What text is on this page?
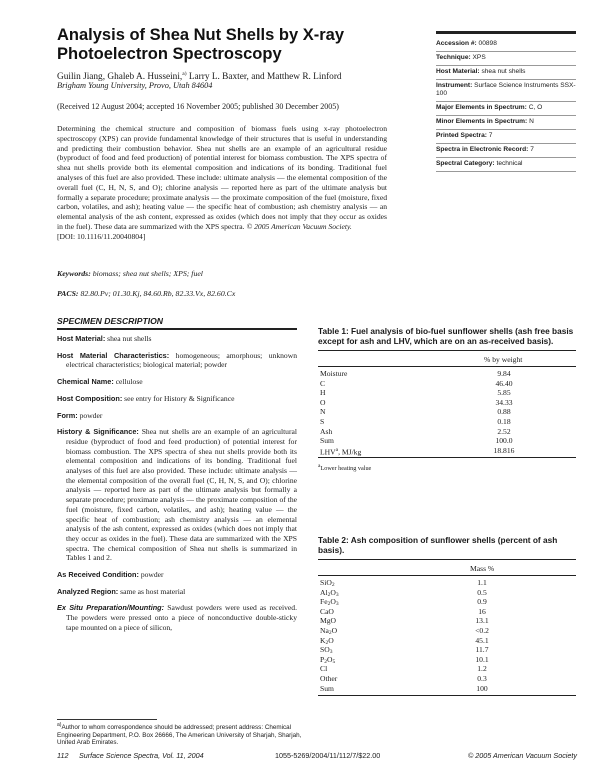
Analysis of Shea Nut Shells by X-ray Photoelectron Spectroscopy
Guilin Jiang, Ghaleb A. Husseini,$^{a)}$ Larry L. Baxter, and Matthew R. Linford
Brigham Young University, Provo, Utah 84604
(Received 12 August 2004; accepted 16 November 2005; published 30 December 2005)
Determining the chemical structure and composition of biomass fuels using x-ray photoelectron spectroscopy (XPS) can provide fundamental knowledge of their structures that is useful in understanding and predicting their combustion behavior. Shea nut shells are an example of an agricultural residue (byproduct of food and feed production) of potential interest for biomass combustion. The XPS spectra of shea nut shells provide both its elemental composition and indications of its bonding. Traditional fuel analyses of this fuel are also provided. These include: ultimate analysis — the elemental composition of the overall fuel (C, H, N, S, and O); chlorine analysis — reported here as part of the ultimate analysis but formally a separate procedure; proximate analysis — the proximate composition of the fuel (moisture, fixed carbon, volatiles, and ash); heating value — the specific heat of combustion; ash chemistry analysis — an elemental analysis of the ash content, expressed as oxides (which does not imply that they occur as oxides in the fuel). These data are summarized with the XPS spectra. © 2005 American Vacuum Society.
[DOI: 10.1116/11.20040804]
Keywords: biomass; shea nut shells; XPS; fuel
PACS: 82.80.Pv; 01.30.Kj, 84.60.Rb, 82.33.Vx, 82.60.Cx
Accession #: 00898
Technique: XPS
Host Material: shea nut shells
Instrument: Surface Science Instruments SSX-100
Major Elements in Spectrum: C, O
Minor Elements in Spectrum: N
Printed Spectra: 7
Spectra in Electronic Record: 7
Spectral Category: technical
SPECIMEN DESCRIPTION
Host Material: shea nut shells
Host Material Characteristics: homogeneous; amorphous; unknown electrical characteristics; biological material; powder
Chemical Name: cellulose
Host Composition: see entry for History & Significance
Form: powder
History & Significance: Shea nut shells are an example of an agricultural residue (byproduct of food and feed production) of potential interest for biomass combustion. The XPS spectra of shea nut shells provide both its elemental composition and indications of its bonding. Traditional fuel analyses of this fuel are also provided. These include: ultimate analysis — the elemental composition of the overall fuel (C, H, N, S, and O); chlorine analysis — reported here as part of the ultimate analysis but formally a separate procedure; proximate analysis — the proximate composition of the fuel (moisture, fixed carbon, volatiles, and ash); heating value — the specific heat of combustion; ash chemistry analysis — an elemental analysis of the ash content, expressed as oxides (which does not imply that they occur as oxides in the fuel). These data are summarized with the XPS spectra. The chemical composition of Shea nut shells is summarized in Tables 1 and 2.
As Received Condition: powder
Analyzed Region: same as host material
Ex Situ Preparation/Mounting: Sawdust powders were used as received. The powders were pressed onto a piece of nonconductive double-sticky tape mounted on a piece of silicon,
$^{a)}$Author to whom correspondence should be addressed; present address: Chemical Engineering Department, P.O. Box 26666, The American University of Sharjah, Sharjah, United Arab Emirates.
Table 1: Fuel analysis of bio-fuel sunflower shells (ash free basis except for ash and LHV, which are on an as-received basis).
% by weight
Moisture	9.84
C	46.40
H	5.85
O	34.33
N	0.88
S	0.18
Ash	2.52
Sum	100.0
LHV$^a$, MJ/kg	18.816
$^a$Lower heating value
Table 2: Ash composition of sunflower shells (percent of ash basis).
Mass %
SiO$_2$	1.1
$Al_2O_3$	0.5
$Fe_2O_3$	0.9
CaO	16
MgO	13.1
$Na_2O$	<0.2
$K_2O$	45.1
$SO_3$	11.7
$P_2O_5$	10.1
Cl	1.2
Other	0.3
Sum	100
112 Surface Science Spectra, Vol. 11, 2004	1055-5269/2004/11/112/7/$22.00	© 2005 American Vacuum Society
